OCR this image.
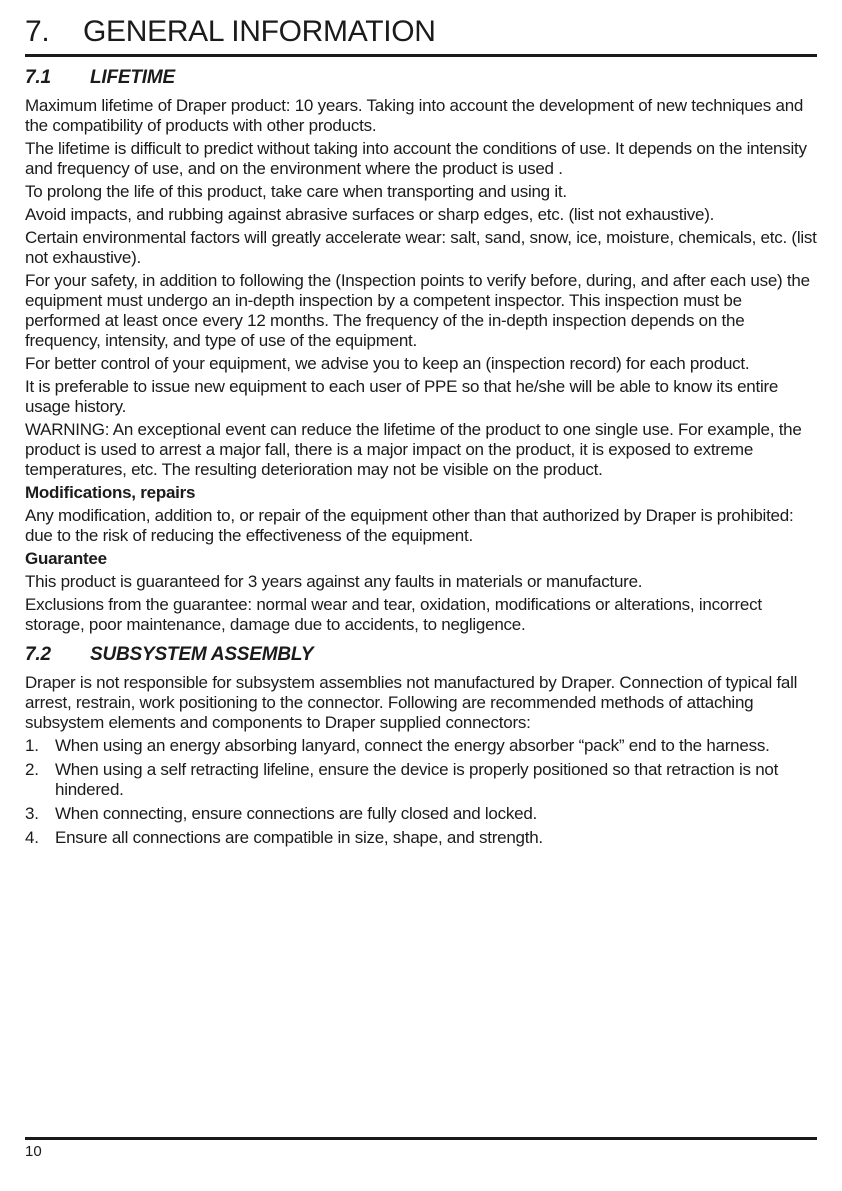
7.	GENERAL INFORMATION
7.1	LIFETIME

Maximum lifetime of Draper product: 10 years. Taking into account the development of new techniques and the compatibility of products with other products.

The lifetime is difficult to predict without taking into account the conditions of use. It depends on the intensity and frequency of use, and on the environment where the product is used .

To prolong the life of this product, take care when transporting and using it.

Avoid impacts, and rubbing against abrasive surfaces or sharp edges, etc. (list not exhaustive).

Certain environmental factors will greatly accelerate wear: salt, sand, snow, ice, moisture, chemicals, etc. (list not exhaustive).

For your safety, in addition to following the (Inspection points to verify before, during, and after each use) the equipment must undergo an in-depth inspection by a competent inspector. This inspection must be performed at least once every 12 months. The frequency of the in-depth inspection depends on the frequency, intensity, and type of use of the equipment.

For better control of your equipment, we advise you to keep an (inspection record) for each product.

It is preferable to issue new equipment to each user of PPE so that he/she will be able to know its entire usage history.

WARNING: An exceptional event can reduce the lifetime of the product to one single use. For example, the product is used to arrest a major fall, there is a major impact on the product, it is exposed to extreme temperatures, etc. The resulting deterioration may not be visible on the product.

Modifications, repairs

Any modification, addition to, or repair of the equipment other than that authorized by Draper is prohibited: due to the risk of reducing the effectiveness of the equipment.

Guarantee

This product is guaranteed for 3 years against any faults in materials or manufacture.

Exclusions from the guarantee: normal wear and tear, oxidation, modifications or alterations, incorrect storage, poor maintenance, damage due to accidents, to negligence.

7.2	SUBSYSTEM ASSEMBLY

Draper is not responsible for subsystem assemblies not manufactured by Draper. Connection of typical fall arrest, restrain, work positioning to the connector. Following are recommended methods of attaching subsystem elements and components to Draper supplied connectors:

1. When using an energy absorbing lanyard, connect the energy absorber “pack” end to the harness.
2. When using a self retracting lifeline, ensure the device is properly positioned so that retraction is not hindered.
3. When connecting, ensure connections are fully closed and locked.
4. Ensure all connections are compatible in size, shape, and strength.
10
